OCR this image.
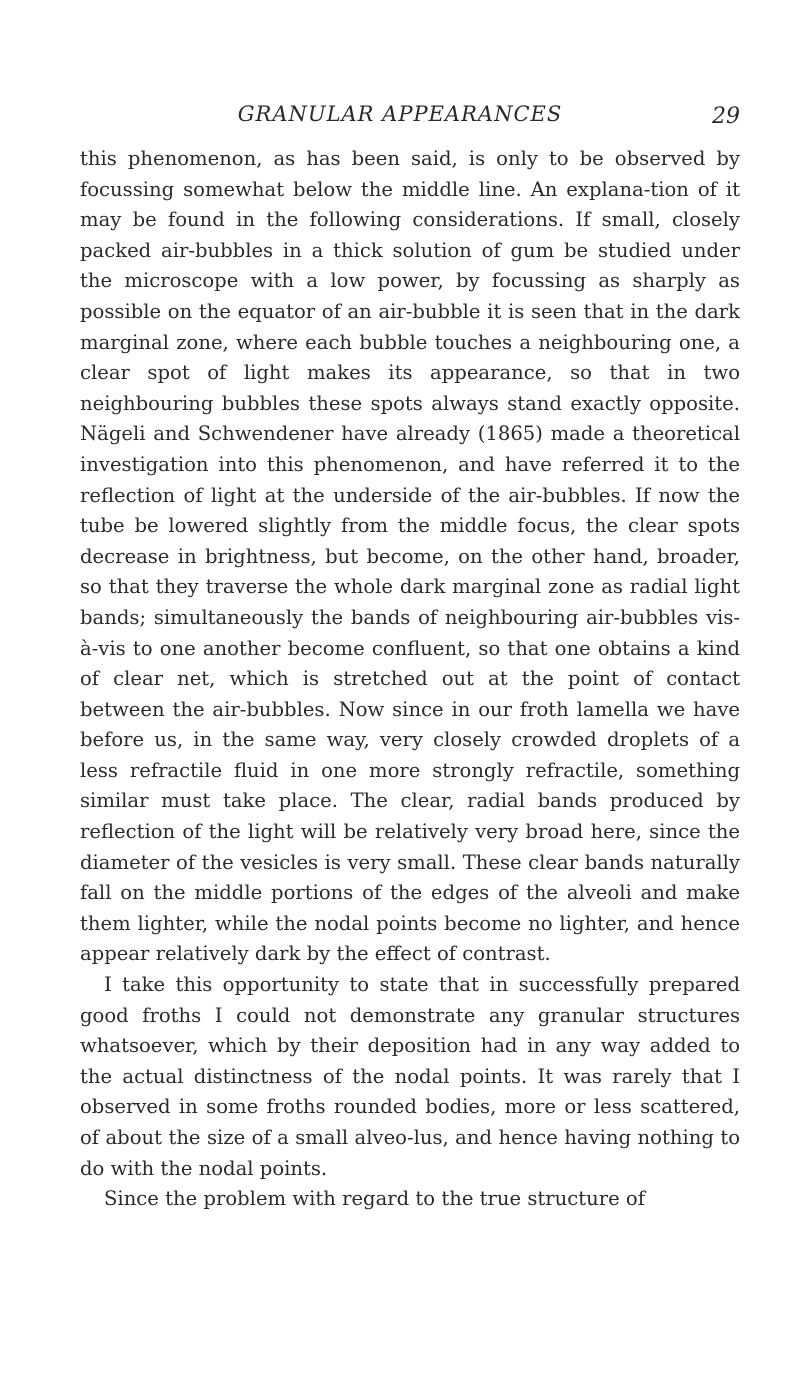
GRANULAR APPEARANCES	29

this phenomenon, as has been said, is only to be observed by focussing somewhat below the middle line. An explana-tion of it may be found in the following considerations. If small, closely packed air-bubbles in a thick solution of gum be studied under the microscope with a low power, by focussing as sharply as possible on the equator of an air-bubble it is seen that in the dark marginal zone, where each bubble touches a neighbouring one, a clear spot of light makes its appearance, so that in two neighbouring bubbles these spots always stand exactly opposite. Nägeli and Schwendener have already (1865) made a theoretical investigation into this phenomenon, and have referred it to the reflection of light at the underside of the air-bubbles. If now the tube be lowered slightly from the middle focus, the clear spots decrease in brightness, but become, on the other hand, broader, so that they traverse the whole dark marginal zone as radial light bands; simultaneously the bands of neighbouring air-bubbles vis-à-vis to one another become confluent, so that one obtains a kind of clear net, which is stretched out at the point of contact between the air-bubbles. Now since in our froth lamella we have before us, in the same way, very closely crowded droplets of a less refractile fluid in one more strongly refractile, something similar must take place. The clear, radial bands produced by reflection of the light will be relatively very broad here, since the diameter of the vesicles is very small. These clear bands naturally fall on the middle portions of the edges of the alveoli and make them lighter, while the nodal points become no lighter, and hence appear relatively dark by the effect of contrast.

I take this opportunity to state that in successfully prepared good froths I could not demonstrate any granular structures whatsoever, which by their deposition had in any way added to the actual distinctness of the nodal points. It was rarely that I observed in some froths rounded bodies, more or less scattered, of about the size of a small alveo-lus, and hence having nothing to do with the nodal points.

Since the problem with regard to the true structure of
